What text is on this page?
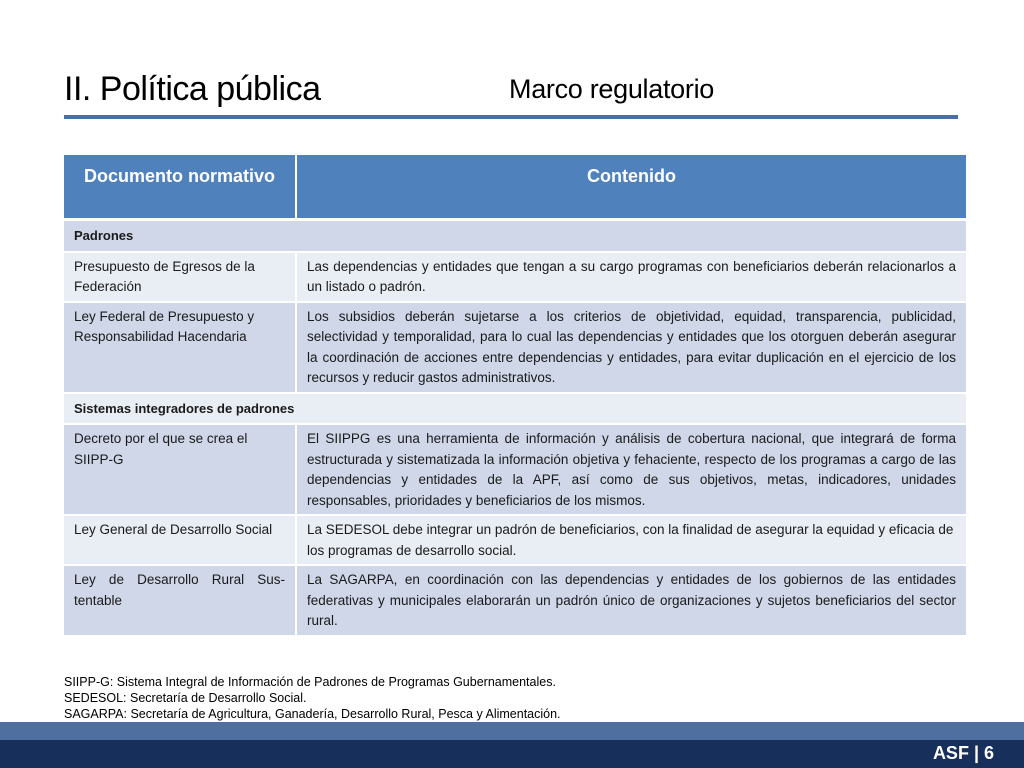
II. Política pública	Marco regulatorio
Documento normativo	Contenido
Padrones	
Presupuesto de Egresos de la Federación	Las dependencias y entidades que tengan a su cargo programas con beneficiarios deberán relacionarlos a un listado o padrón.
Ley Federal de Presupuesto y Responsabilidad Hacendaria	Los subsidios deberán sujetarse a los criterios de objetividad, equidad, transparencia, publicidad, selectividad y temporalidad, para lo cual las dependencias y entidades que los otorguen deberán asegurar la coordinación de acciones entre dependencias y entidades, para evitar duplicación en el ejercicio de los recursos y reducir gastos administrativos.
Sistemas integradores de padrones	
Decreto por el que se crea el SIIPP-G	El SIIPPG es una herramienta de información y análisis de cobertura nacional, que integrará de forma estructurada y sistematizada la información objetiva y fehaciente, respecto de los programas a cargo de las dependencias y entidades de la APF, así como de sus objetivos, metas, indicadores, unidades responsables, prioridades y beneficiarios de los mismos.
Ley General de Desarrollo Social	La SEDESOL debe integrar un padrón de beneficiarios, con la finalidad de asegurar la equidad y eficacia de los programas de desarrollo social.
Ley de Desarrollo Rural Sus-tentable	La SAGARPA, en coordinación con las dependencias y entidades de los gobiernos de las entidades federativas y municipales elaborarán un padrón único de organizaciones y sujetos beneficiarios del sector rural.

SIIPP-G: Sistema Integral de Información de Padrones de Programas Gubernamentales.

SEDESOL: Secretaría de Desarrollo Social.

SAGARPA: Secretaría de Agricultura, Ganadería, Desarrollo Rural, Pesca y Alimentación.

ASF | 6
